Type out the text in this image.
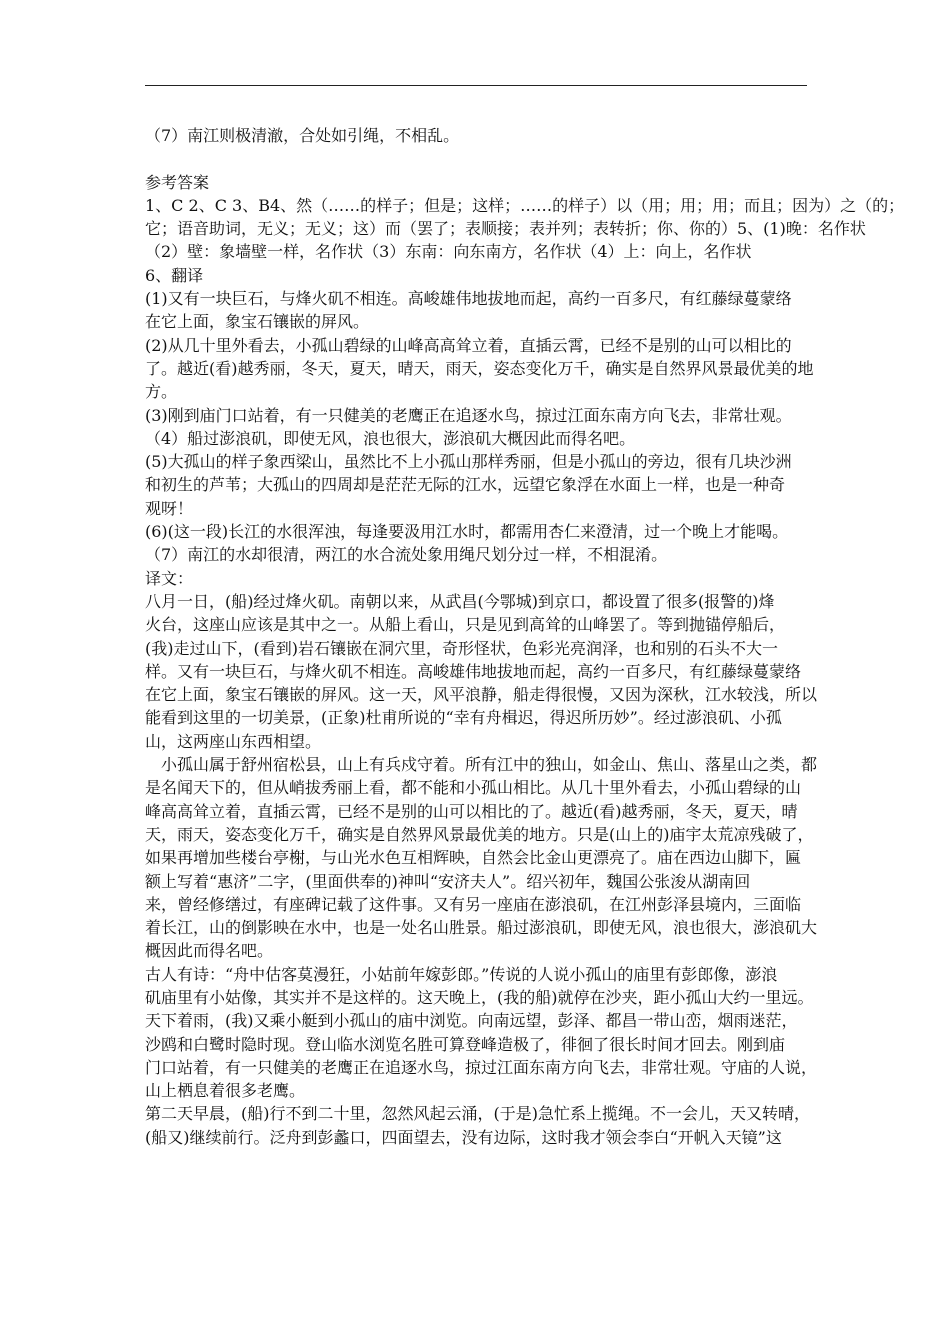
（7）南江则极清澈，合处如引绳，不相乱。
参考答案
1、C 2、C 3、B4、然（……的样子；但是；这样；……的样子）以（用；用；用；而且；因为）之（的；
它；语音助词，无义；无义；这）而（罢了；表顺接；表并列；表转折；你、你的）5、(1)晚：名作状
（2）壁：象墙壁一样，名作状（3）东南：向东南方，名作状（4）上：向上，名作状
6、翻译
(1)又有一块巨石，与烽火矶不相连。高峻雄伟地拔地而起，高约一百多尺，有红藤绿蔓蒙络
在它上面，象宝石镶嵌的屏风。
(2)从几十里外看去，小孤山碧绿的山峰高高耸立着，直插云霄，已经不是别的山可以相比的
了。越近(看)越秀丽，冬天，夏天，晴天，雨天，姿态变化万千，确实是自然界风景最优美的地
方。
(3)刚到庙门口站着，有一只健美的老鹰正在追逐水鸟，掠过江面东南方向飞去，非常壮观。
（4）船过澎浪矶，即使无风，浪也很大，澎浪矶大概因此而得名吧。
(5)大孤山的样子象西梁山，虽然比不上小孤山那样秀丽，但是小孤山的旁边，很有几块沙洲
和初生的芦苇；大孤山的四周却是茫茫无际的江水，远望它象浮在水面上一样，也是一种奇
观呀！
(6)(这一段)长江的水很浑浊，每逢要汲用江水时，都需用杏仁来澄清，过一个晚上才能喝。
（7）南江的水却很清，两江的水合流处象用绳尺划分过一样，不相混淆。
译文：
八月一日，(船)经过烽火矶。南朝以来，从武昌(今鄂城)到京口，都设置了很多(报警的)烽
火台，这座山应该是其中之一。从船上看山，只是见到高耸的山峰罢了。等到抛锚停船后，
(我)走过山下，(看到)岩石镶嵌在洞穴里，奇形怪状，色彩光亮润泽，也和别的石头不大一
样。又有一块巨石，与烽火矶不相连。高峻雄伟地拔地而起，高约一百多尺，有红藤绿蔓蒙络
在它上面，象宝石镶嵌的屏风。这一天，风平浪静，船走得很慢，又因为深秋，江水较浅，所以
能看到这里的一切美景，(正象)杜甫所说的“幸有舟楫迟，得迟所历妙”。经过澎浪矶、小孤
山，这两座山东西相望。
小孤山属于舒州宿松县，山上有兵戍守着。所有江中的独山，如金山、焦山、落星山之类，都
是名闻天下的，但从峭拔秀丽上看，都不能和小孤山相比。从几十里外看去，小孤山碧绿的山
峰高高耸立着，直插云霄，已经不是别的山可以相比的了。越近(看)越秀丽，冬天，夏天，晴
天，雨天，姿态变化万千，确实是自然界风景最优美的地方。只是(山上的)庙宇太荒凉残破了，
如果再增加些楼台亭榭，与山光水色互相辉映，自然会比金山更漂亮了。庙在西边山脚下，匾
额上写着“惠济”二字，(里面供奉的)神叫“安济夫人”。绍兴初年，魏国公张浚从湖南回
来，曾经修缮过，有座碑记载了这件事。又有另一座庙在澎浪矶，在江州彭泽县境内，三面临
着长江，山的倒影映在水中，也是一处名山胜景。船过澎浪矶，即使无风，浪也很大，澎浪矶大
概因此而得名吧。
古人有诗：“舟中估客莫漫狂，小姑前年嫁彭郎。”传说的人说小孤山的庙里有彭郎像，澎浪
矶庙里有小姑像，其实并不是这样的。这天晚上，(我的船)就停在沙夹，距小孤山大约一里远。
天下着雨，(我)又乘小艇到小孤山的庙中浏览。向南远望，彭泽、都昌一带山峦，烟雨迷茫，
沙鸥和白鹭时隐时现。登山临水浏览名胜可算登峰造极了，徘徊了很长时间才回去。刚到庙
门口站着，有一只健美的老鹰正在追逐水鸟，掠过江面东南方向飞去，非常壮观。守庙的人说，
山上栖息着很多老鹰。
第二天早晨，(船)行不到二十里，忽然风起云涌，(于是)急忙系上揽绳。不一会儿，天又转晴，
(船又)继续前行。泛舟到彭蠡口，四面望去，没有边际，这时我才领会李白“开帆入天镜”这
